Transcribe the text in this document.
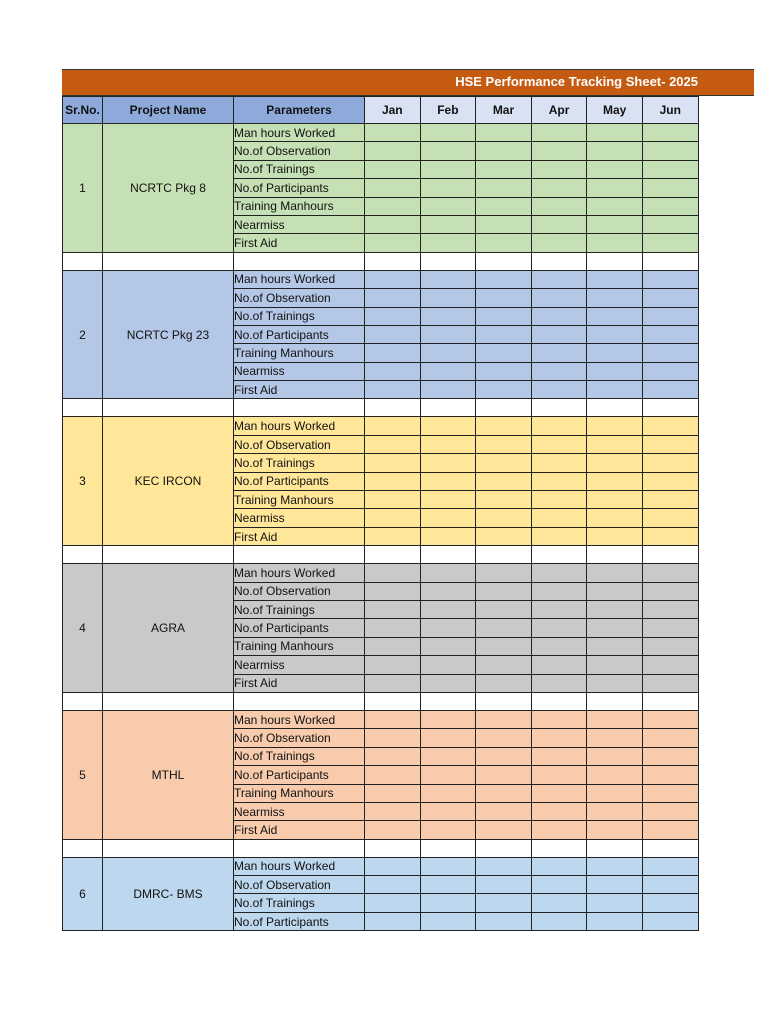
HSE Performance Tracking Sheet- 2025
Sr.No.	Project Name	Parameters	Jan	Feb	Mar	Apr	May	Jun
1	NCRTC Pkg 8	Man hours Worked						
		No.of Observation						
		No.of Trainings						
		No.of Participants						
		Training Manhours						
		Nearmiss						
		First Aid						

2	NCRTC Pkg 23	Man hours Worked						
		No.of Observation						
		No.of Trainings						
		No.of Participants						
		Training Manhours						
		Nearmiss						
		First Aid						

3	KEC IRCON	Man hours Worked						
		No.of Observation						
		No.of Trainings						
		No.of Participants						
		Training Manhours						
		Nearmiss						
		First Aid						

4	AGRA	Man hours Worked						
		No.of Observation						
		No.of Trainings						
		No.of Participants						
		Training Manhours						
		Nearmiss						
		First Aid						

5	MTHL	Man hours Worked						
		No.of Observation						
		No.of Trainings						
		No.of Participants						
		Training Manhours						
		Nearmiss						
		First Aid						

6	DMRC- BMS	Man hours Worked						
		No.of Observation						
		No.of Trainings						
		No.of Participants						
